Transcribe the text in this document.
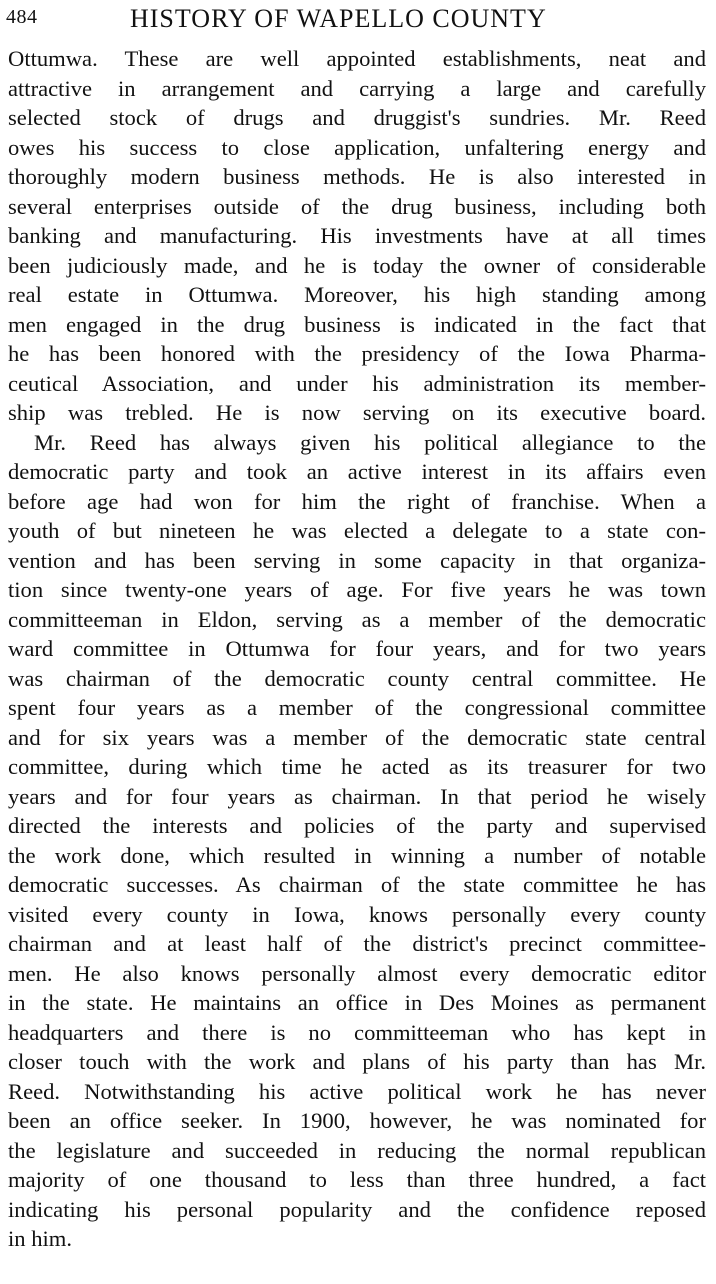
484	HISTORY OF WAPELLO COUNTY
Ottumwa. These are well appointed establishments, neat and
attractive in arrangement and carrying a large and carefully
selected stock of drugs and druggist's sundries. Mr. Reed
owes his success to close application, unfaltering energy and
thoroughly modern business methods. He is also interested in
several enterprises outside of the drug business, including both
banking and manufacturing. His investments have at all times
been judiciously made, and he is today the owner of considerable
real estate in Ottumwa. Moreover, his high standing among
men engaged in the drug business is indicated in the fact that
he has been honored with the presidency of the Iowa Pharma-
ceutical Association, and under his administration its member-
ship was trebled. He is now serving on its executive board.
Mr. Reed has always given his political allegiance to the
democratic party and took an active interest in its affairs even
before age had won for him the right of franchise. When a
youth of but nineteen he was elected a delegate to a state con-
vention and has been serving in some capacity in that organiza-
tion since twenty-one years of age. For five years he was town
committeeman in Eldon, serving as a member of the democratic
ward committee in Ottumwa for four years, and for two years
was chairman of the democratic county central committee. He
spent four years as a member of the congressional committee
and for six years was a member of the democratic state central
committee, during which time he acted as its treasurer for two
years and for four years as chairman. In that period he wisely
directed the interests and policies of the party and supervised
the work done, which resulted in winning a number of notable
democratic successes. As chairman of the state committee he has
visited every county in Iowa, knows personally every county
chairman and at least half of the district's precinct committee-
men. He also knows personally almost every democratic editor
in the state. He maintains an office in Des Moines as permanent
headquarters and there is no committeeman who has kept in
closer touch with the work and plans of his party than has Mr.
Reed. Notwithstanding his active political work he has never
been an office seeker. In 1900, however, he was nominated for
the legislature and succeeded in reducing the normal republican
majority of one thousand to less than three hundred, a fact
indicating his personal popularity and the confidence reposed
in him.
